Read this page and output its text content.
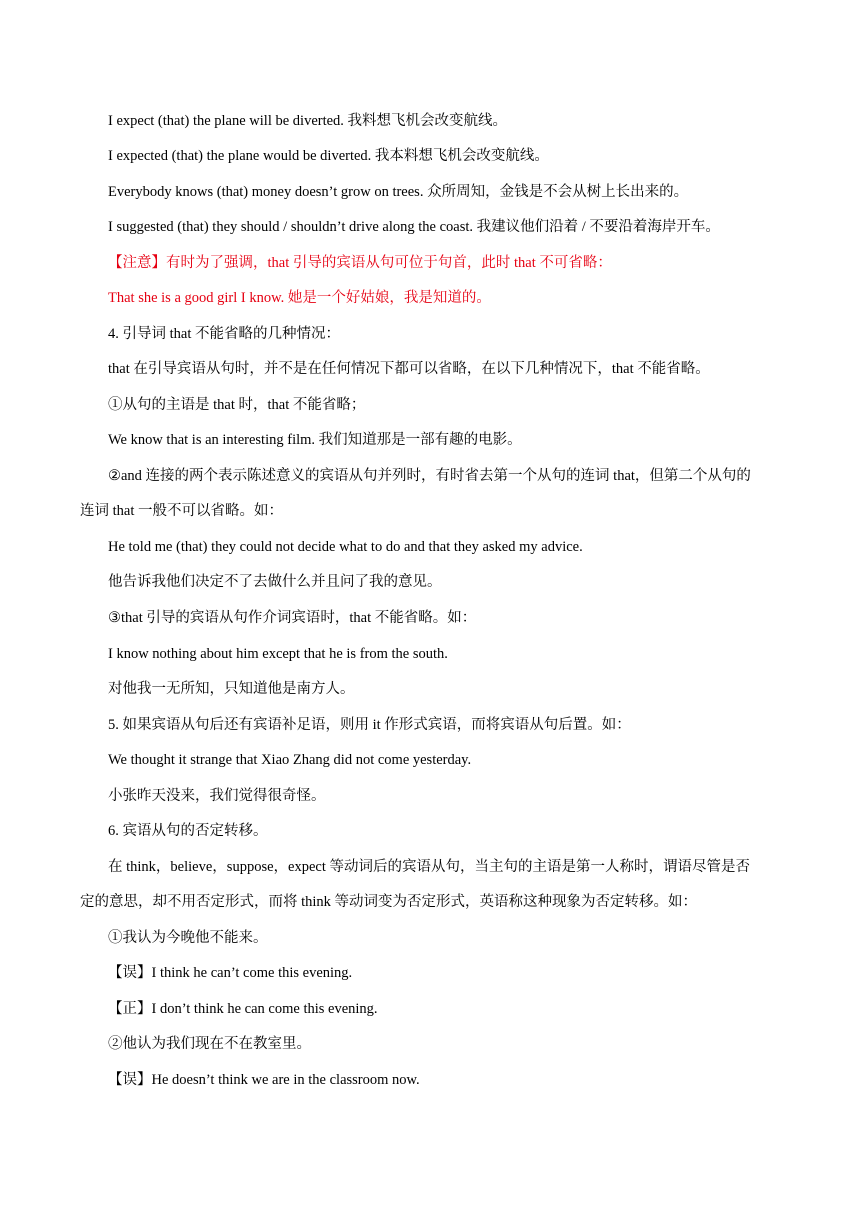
I expect (that) the plane will be diverted. 我料想飞机会改变航线。
I expected (that) the plane would be diverted. 我本料想飞机会改变航线。
Everybody knows (that) money doesn’t grow on trees. 众所周知，金钱是不会从树上长出来的。
I suggested (that) they should / shouldn’t drive along the coast. 我建议他们沿着 / 不要沿着海岸开车。
【注意】有时为了强调，that 引导的宾语从句可位于句首，此时 that 不可省略：
That she is a good girl I know. 她是一个好姑娘，我是知道的。
4. 引导词 that 不能省略的几种情况：
that 在引导宾语从句时，并不是在任何情况下都可以省略，在以下几种情况下，that 不能省略。
①从句的主语是 that 时，that 不能省略；
We know that is an interesting film. 我们知道那是一部有趣的电影。
②and 连接的两个表示陈述意义的宾语从句并列时，有时省去第一个从句的连词 that，但第二个从句的
连词 that 一般不可以省略。如：
He told me (that) they could not decide what to do and that they asked my advice.
他告诉我他们决定不了去做什么并且问了我的意见。
③that 引导的宾语从句作介词宾语时，that 不能省略。如：
I know nothing about him except that he is from the south.
对他我一无所知，只知道他是南方人。
5. 如果宾语从句后还有宾语补足语，则用 it 作形式宾语，而将宾语从句后置。如：
We thought it strange that Xiao Zhang did not come yesterday.
小张昨天没来，我们觉得很奇怪。
6. 宾语从句的否定转移。
在 think，believe，suppose，expect 等动词后的宾语从句，当主句的主语是第一人称时，谓语尽管是否
定的意思，却不用否定形式，而将 think 等动词变为否定形式，英语称这种现象为否定转移。如：
①我认为今晚他不能来。
【误】I think he can’t come this evening.
【正】I don’t think he can come this evening.
②他认为我们现在不在教室里。
【误】He doesn’t think we are in the classroom now.
